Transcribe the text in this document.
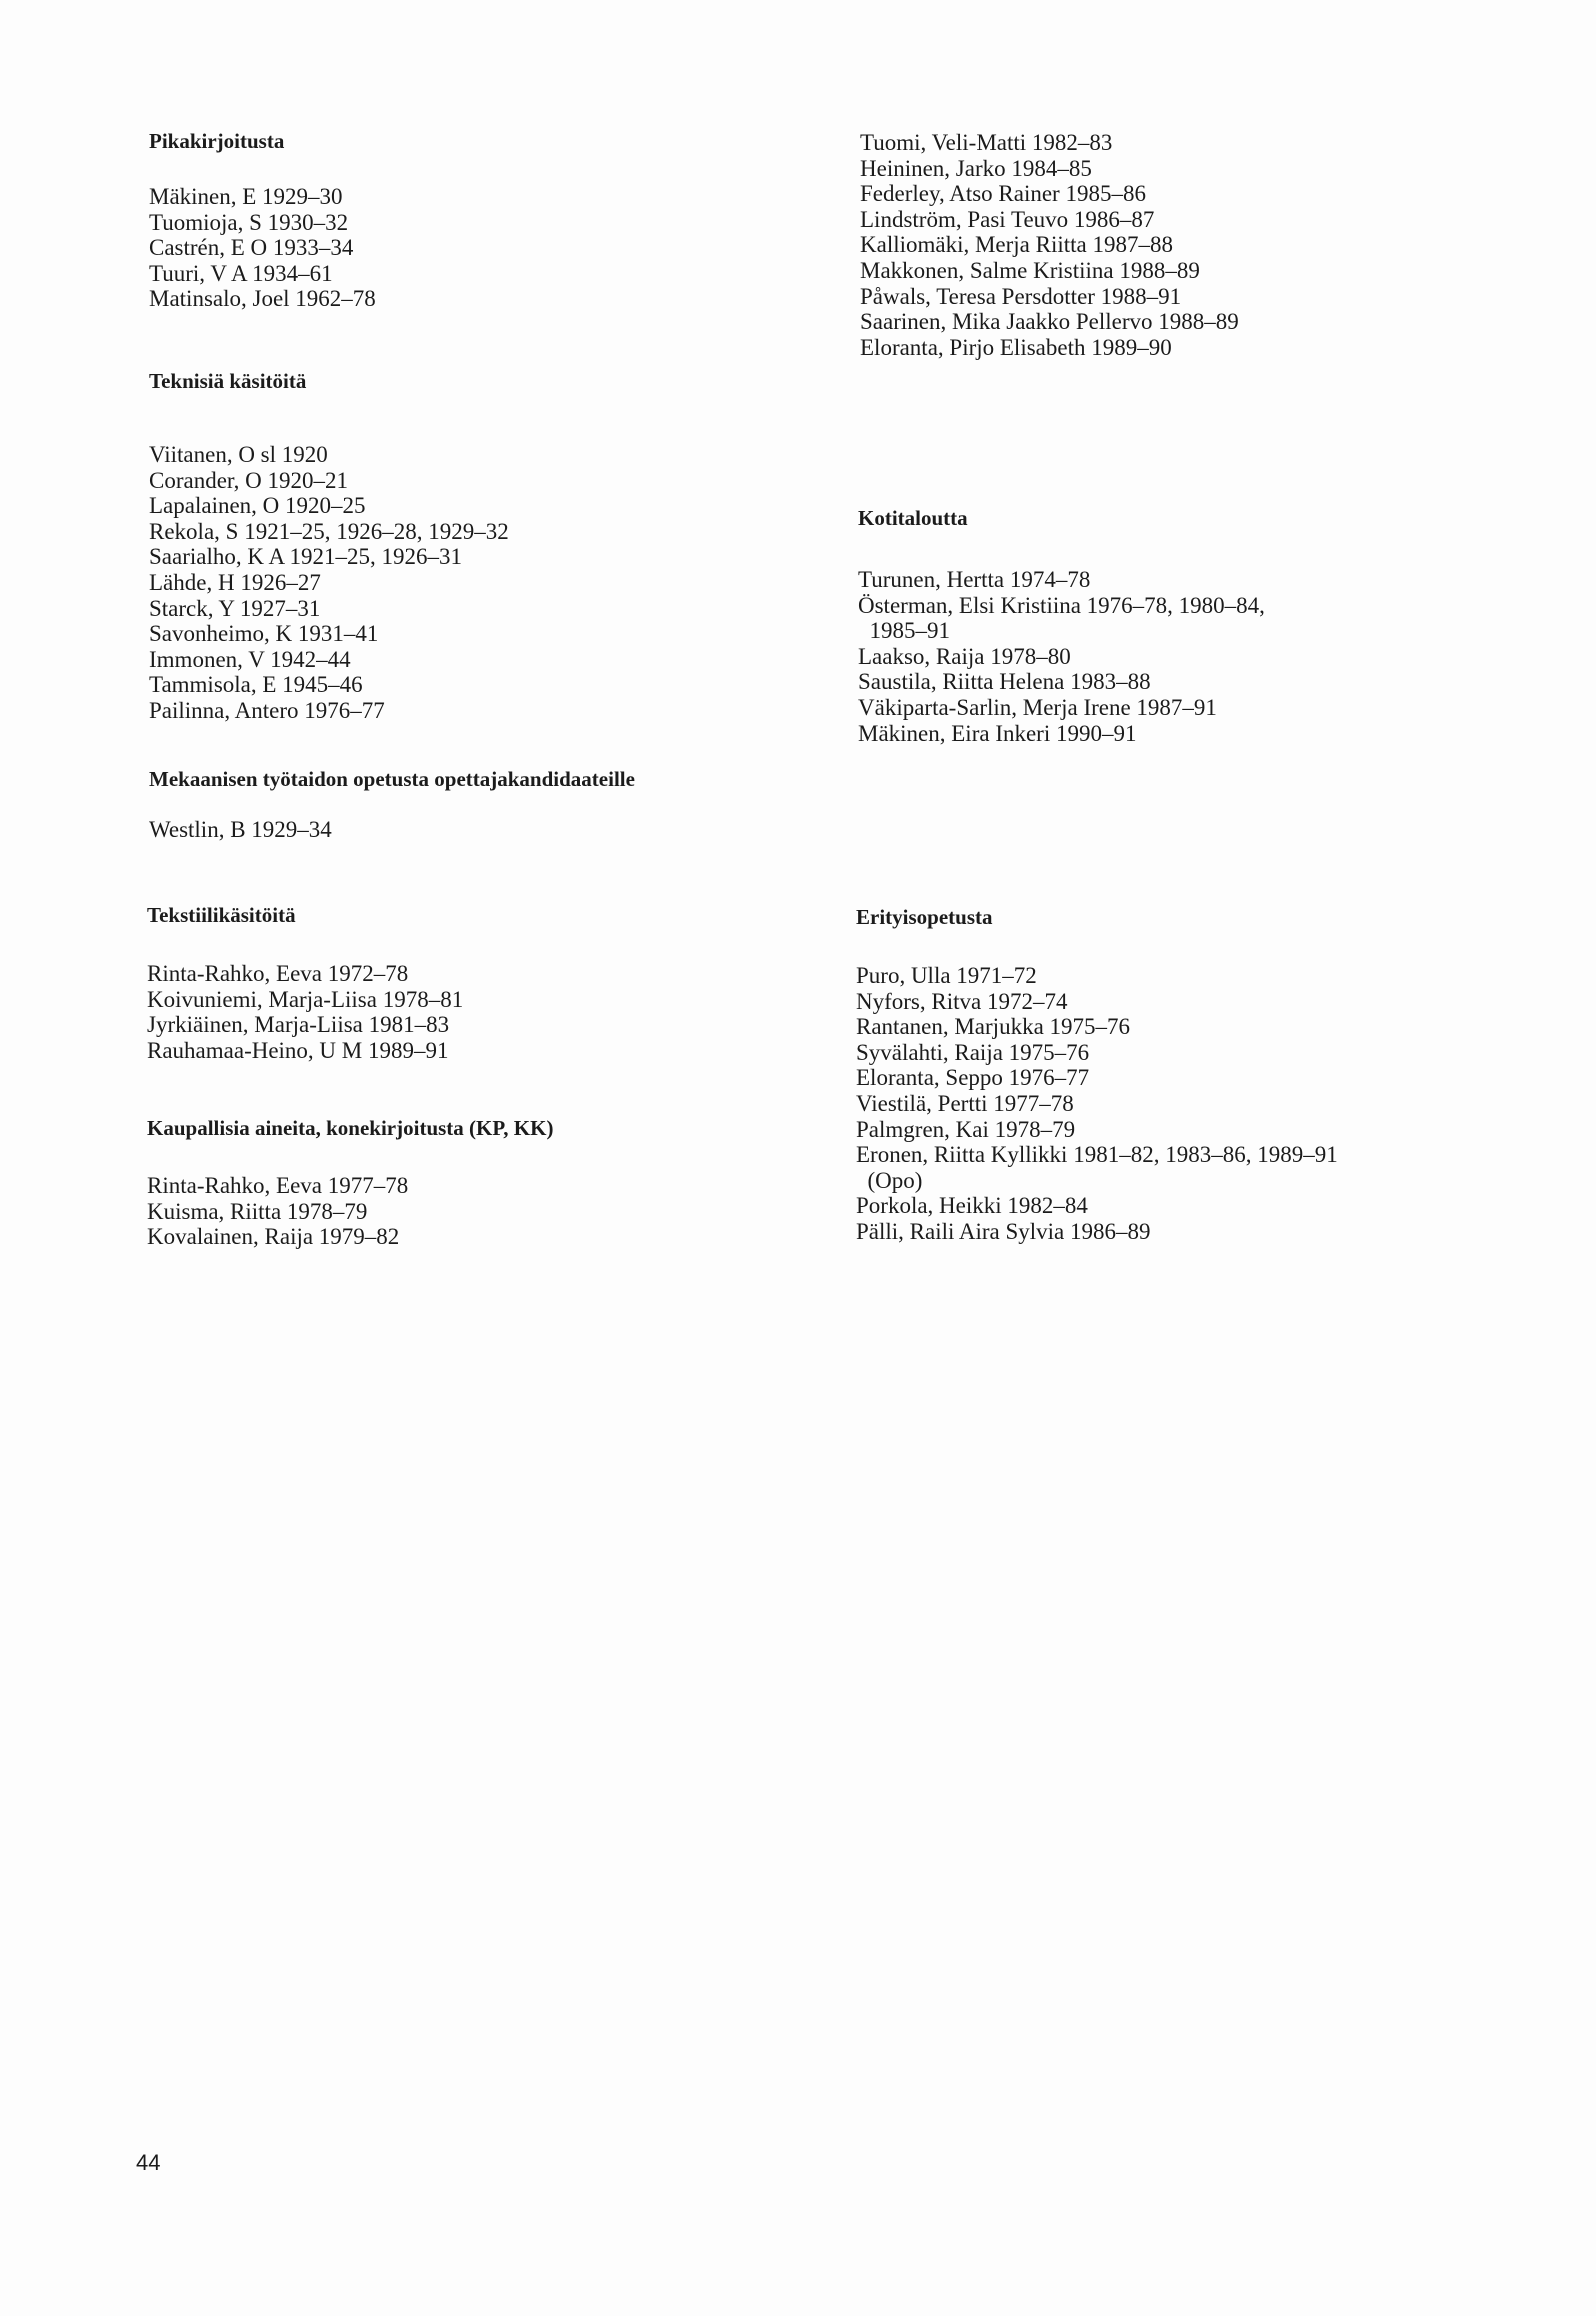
Pikakirjoitusta
Mäkinen, E 1929–30
Tuomioja, S 1930–32
Castrén, E O 1933–34
Tuuri, V A 1934–61
Matinsalo, Joel 1962–78
Teknisiä käsitöitä
Viitanen, O sl 1920
Corander, O 1920–21
Lapalainen, O 1920–25
Rekola, S 1921–25, 1926–28, 1929–32
Saarialho, K A 1921–25, 1926–31
Lähde, H 1926–27
Starck, Y 1927–31
Savonheimo, K 1931–41
Immonen, V 1942–44
Tammisola, E 1945–46
Pailinna, Antero 1976–77
Mekaanisen työtaidon opetusta opettajakandidaateille
Westlin, B 1929–34
Tekstiilikäsitöitä
Rinta-Rahko, Eeva 1972–78
Koivuniemi, Marja-Liisa 1978–81
Jyrkiäinen, Marja-Liisa 1981–83
Rauhamaa-Heino, U M 1989–91
Kaupallisia aineita, konekirjoitusta (KP, KK)
Rinta-Rahko, Eeva 1977–78
Kuisma, Riitta 1978–79
Kovalainen, Raija 1979–82
Tuomi, Veli-Matti 1982–83
Heininen, Jarko 1984–85
Federley, Atso Rainer 1985–86
Lindström, Pasi Teuvo 1986–87
Kalliomäki, Merja Riitta 1987–88
Makkonen, Salme Kristiina 1988–89
Påwals, Teresa Persdotter 1988–91
Saarinen, Mika Jaakko Pellervo 1988–89
Eloranta, Pirjo Elisabeth 1989–90
Kotitaloutta
Turunen, Hertta 1974–78
Österman, Elsi Kristiina 1976–78, 1980–84,
1985–91
Laakso, Raija 1978–80
Saustila, Riitta Helena 1983–88
Väkiparta-Sarlin, Merja Irene 1987–91
Mäkinen, Eira Inkeri 1990–91
Erityisopetusta
Puro, Ulla 1971–72
Nyfors, Ritva 1972–74
Rantanen, Marjukka 1975–76
Syvälahti, Raija 1975–76
Eloranta, Seppo 1976–77
Viestilä, Pertti 1977–78
Palmgren, Kai 1978–79
Eronen, Riitta Kyllikki 1981–82, 1983–86, 1989–91
(Opo)
Porkola, Heikki 1982–84
Pälli, Raili Aira Sylvia 1986–89
44
